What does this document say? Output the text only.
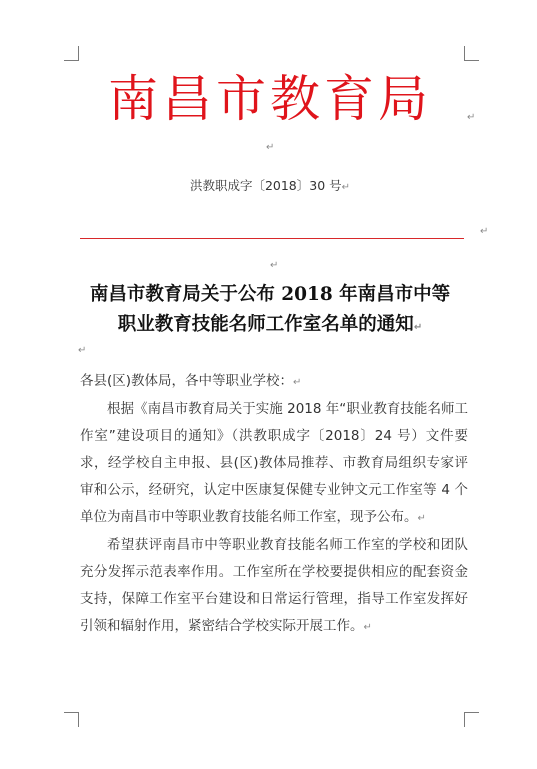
南昌市教育局	↵
↵
洪教职成字〔2018〕30 号↵
↵
↵
南昌市教育局关于公布 2018 年南昌市中等
职业教育技能名师工作室名单的通知↵
↵

各县(区)教体局，各中等职业学校：↵

根据《南昌市教育局关于实施 2018 年“职业教育技能名师工作室”建设项目的通知》（洪教职成字〔2018〕24 号）文件要求，经学校自主申报、县(区)教体局推荐、市教育局组织专家评审和公示，经研究，认定中医康复保健专业钟文元工作室等 4 个单位为南昌市中等职业教育技能名师工作室，现予公布。↵

希望获评南昌市中等职业教育技能名师工作室的学校和团队充分发挥示范表率作用。工作室所在学校要提供相应的配套资金支持，保障工作室平台建设和日常运行管理，指导工作室发挥好引领和辐射作用，紧密结合学校实际开展工作。↵
